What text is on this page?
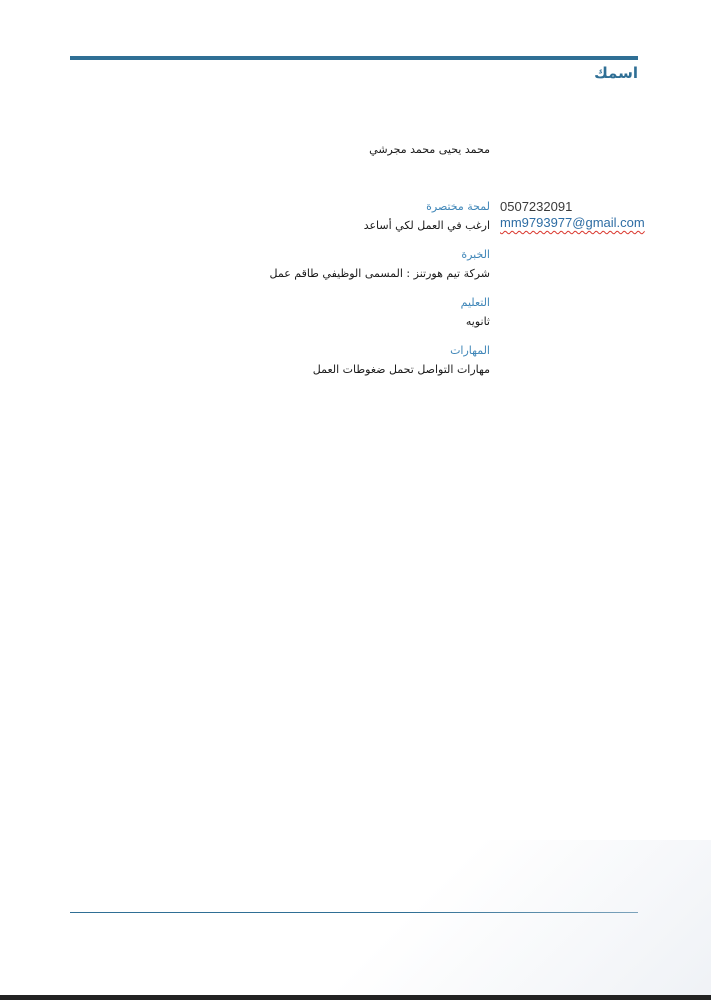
اسمك
محمد يحيى محمد مجرشي
0507232091
mm9793977@gmail.com
لمحة مختصرة
ارغب في العمل لكي أساعد
الخبرة
شركة تيم هورتنز : المسمى الوظيفي طاقم عمل
التعليم
ثانويه
المهارات
مهارات التواصل تحمل ضغوطات العمل
